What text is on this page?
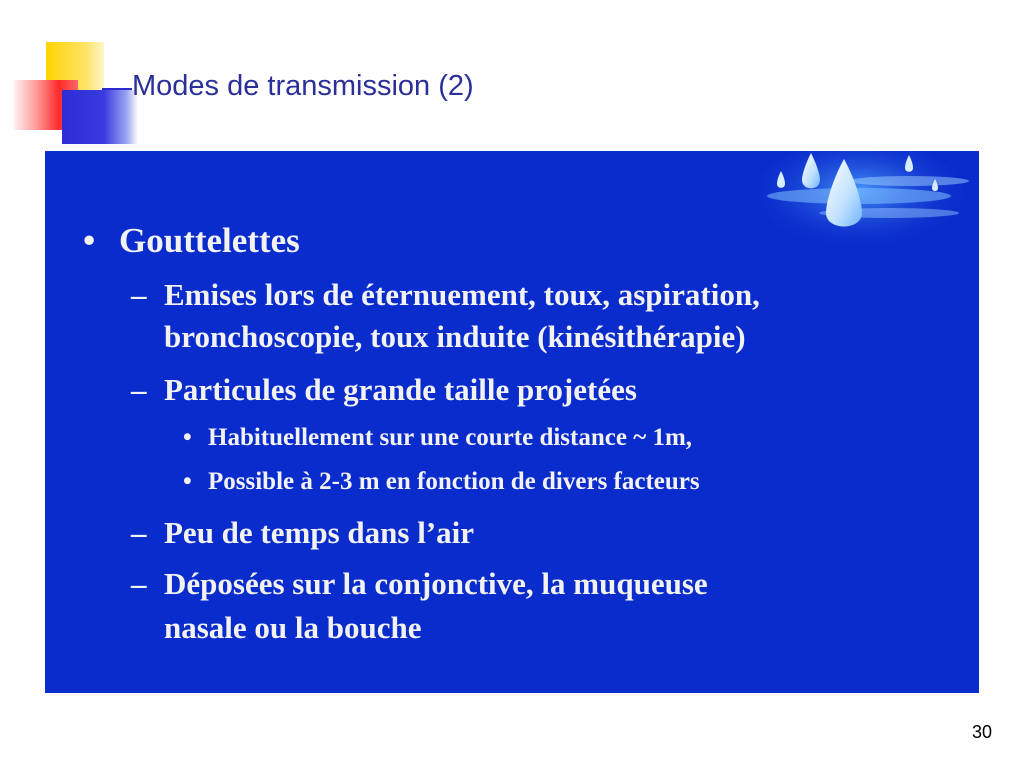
Modes de transmission (2)
• Gouttelettes
– Emises lors de éternuement, toux, aspiration,
bronchoscopie, toux induite (kinésithérapie)
– Particules de grande taille projetées
• Habituellement sur une courte distance ~ 1m,
• Possible à 2-3 m en fonction de divers facteurs
– Peu de temps dans l’air
– Déposées sur la conjonctive, la muqueuse
nasale ou la bouche
30
